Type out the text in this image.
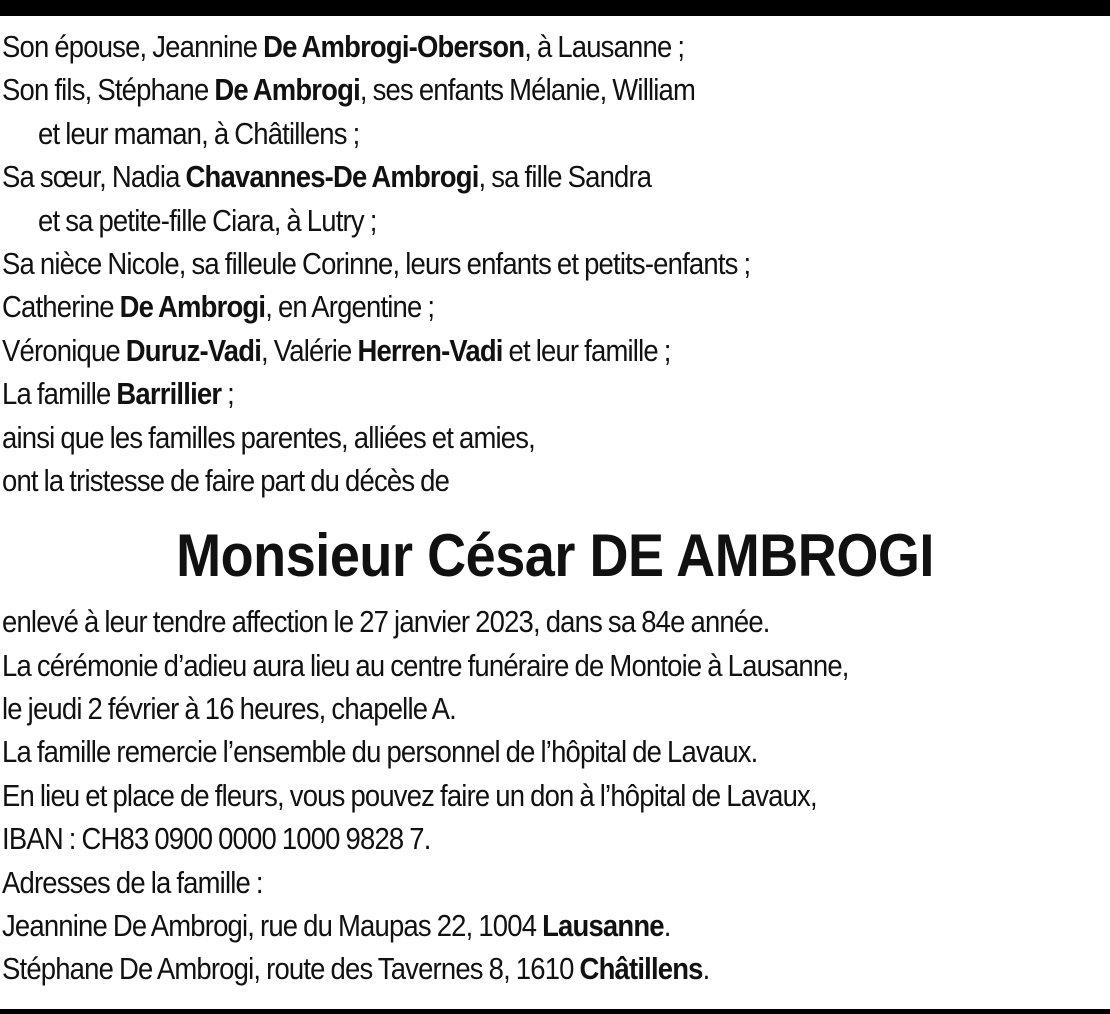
Son épouse, Jeannine De Ambrogi-Oberson, à Lausanne ;
Son fils, Stéphane De Ambrogi, ses enfants Mélanie, William
et leur maman, à Châtillens ;
Sa sœur, Nadia Chavannes-De Ambrogi, sa fille Sandra
et sa petite-fille Ciara, à Lutry ;
Sa nièce Nicole, sa filleule Corinne, leurs enfants et petits-enfants ;
Catherine De Ambrogi, en Argentine ;
Véronique Duruz-Vadi, Valérie Herren-Vadi et leur famille ;
La famille Barrillier ;
ainsi que les familles parentes, alliées et amies,
ont la tristesse de faire part du décès de
Monsieur César DE AMBROGI
enlevé à leur tendre affection le 27 janvier 2023, dans sa 84e année.
La cérémonie d’adieu aura lieu au centre funéraire de Montoie à Lausanne,
le jeudi 2 février à 16 heures, chapelle A.
La famille remercie l’ensemble du personnel de l’hôpital de Lavaux.
En lieu et place de fleurs, vous pouvez faire un don à l’hôpital de Lavaux,
IBAN : CH83 0900 0000 1000 9828 7.
Adresses de la famille :
Jeannine De Ambrogi, rue du Maupas 22, 1004 Lausanne.
Stéphane De Ambrogi, route des Tavernes 8, 1610 Châtillens.
